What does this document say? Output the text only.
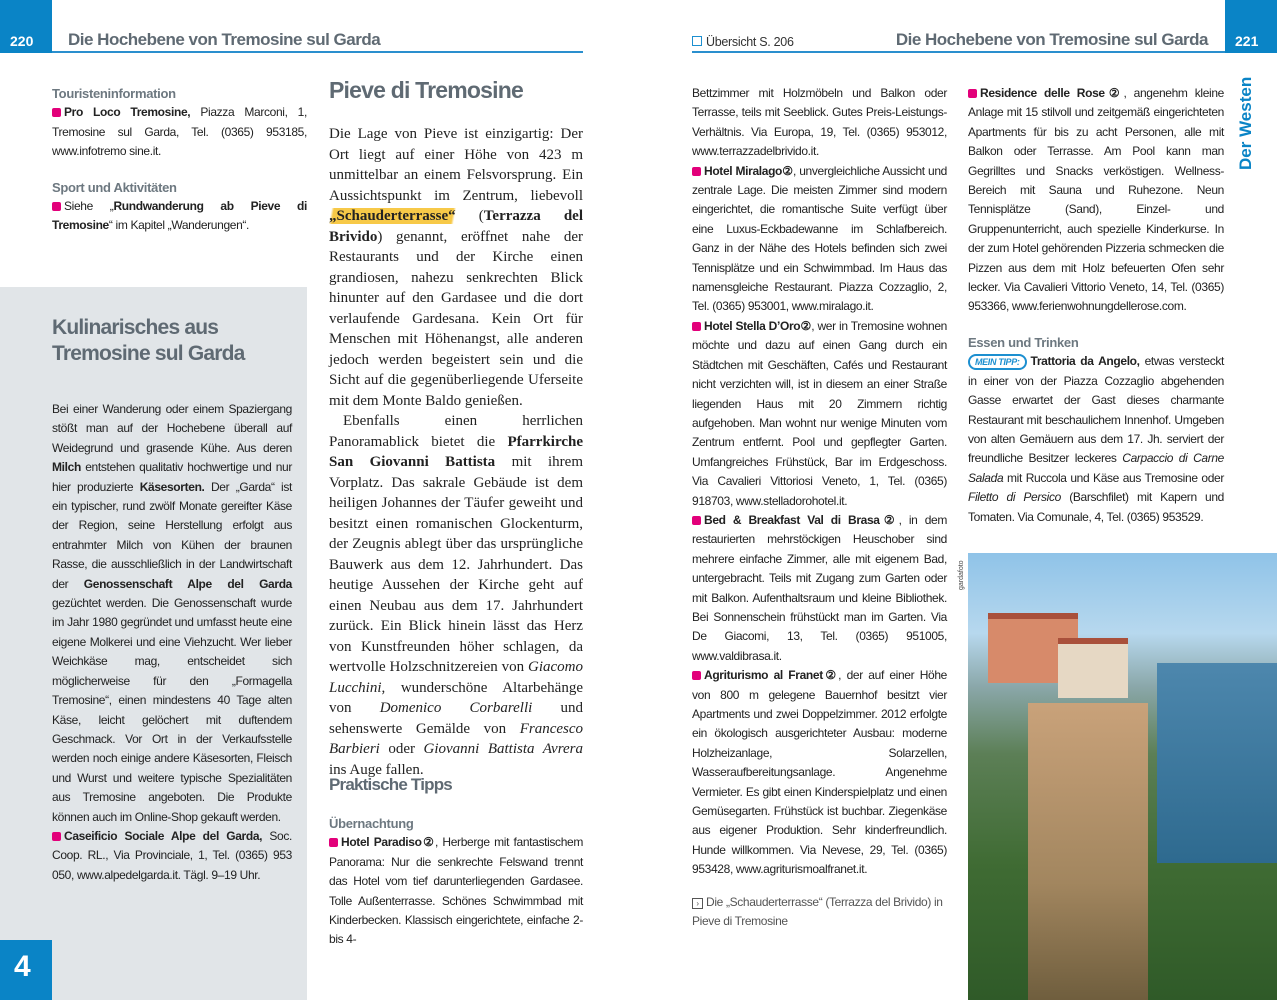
220	Die Hochebene von Tremosine sul Garda
Touristeninformation

Pro Loco Tremosine, Piazza Marconi, 1, Tremosine sul Garda, Tel. (0365) 953185, www.infotremo sine.it.

Sport und Aktivitäten

Siehe „Rundwanderung ab Pieve di Tremosine“ im Kapitel „Wanderungen“.

Kulinarisches aus Tremosine sul Garda

Bei einer Wanderung oder einem Spaziergang stößt man auf der Hochebene überall auf Weidegrund und grasende Kühe. Aus deren Milch entstehen qualitativ hochwertige und nur hier produzierte Käsesorten. Der „Garda“ ist ein typischer, rund zwölf Monate gereifter Käse der Region, seine Herstellung erfolgt aus entrahmter Milch von Kühen der braunen Rasse, die ausschließlich in der Landwirtschaft der Genossenschaft Alpe del Garda gezüchtet werden. Die Genossenschaft wurde im Jahr 1980 gegründet und umfasst heute eine eigene Molkerei und eine Viehzucht. Wer lieber Weichkäse mag, entscheidet sich möglicherweise für den „Formagella Tremosine“, einen mindestens 40 Tage alten Käse, leicht gelöchert mit duftendem Geschmack. Vor Ort in der Verkaufsstelle werden noch einige andere Käsesorten, Fleisch und Wurst und weitere typische Spezialitäten aus Tremosine angeboten. Die Produkte können auch im Online-Shop gekauft werden.

Caseificio Sociale Alpe del Garda, Soc. Coop. RL., Via Provinciale, 1, Tel. (0365) 953 050, www.alpedelgarda.it. Tägl. 9–19 Uhr.

4
Pieve di Tremosine

Die Lage von Pieve ist einzigartig: Der Ort liegt auf einer Höhe von 423 m unmittelbar an einem Felsvorsprung. Ein Aussichtspunkt im Zentrum, liebevoll „Schauderterrasse“ (Terrazza del Brivido) genannt, eröffnet nahe der Restaurants und der Kirche einen grandiosen, nahezu senkrechten Blick hinunter auf den Gardasee und die dort verlaufende Gardesana. Kein Ort für Menschen mit Höhenangst, alle anderen jedoch werden begeistert sein und die Sicht auf die gegenüberliegende Uferseite mit dem Monte Baldo genießen.

Ebenfalls einen herrlichen Panoramablick bietet die Pfarrkirche San Giovanni Battista mit ihrem Vorplatz. Das sakrale Gebäude ist dem heiligen Johannes der Täufer geweiht und besitzt einen romanischen Glockenturm, der Zeugnis ablegt über das ursprüngliche Bauwerk aus dem 12. Jahrhundert. Das heutige Aussehen der Kirche geht auf einen Neubau aus dem 17. Jahrhundert zurück. Ein Blick hinein lässt das Herz von Kunstfreunden höher schlagen, da wertvolle Holzschnitzereien von Giacomo Lucchini, wunderschöne Altarbehänge von Domenico Corbarelli und sehenswerte Gemälde von Francesco Barbieri oder Giovanni Battista Avrera ins Auge fallen.

Praktische Tipps
Übernachtung

Hotel Paradiso②, Herberge mit fantastischem Panorama: Nur die senkrechte Felswand trennt das Hotel vom tief darunterliegenden Gardasee. Tolle Außenterrasse. Schönes Schwimmbad mit Kinderbecken. Klassisch eingerichtete, einfache 2- bis 4-

Übersicht S. 206	Die Hochebene von Tremosine sul Garda	221
Der Westen

Bettzimmer mit Holzmöbeln und Balkon oder Terrasse, teils mit Seeblick. Gutes Preis-Leistungs-Verhältnis. Via Europa, 19, Tel. (0365) 953012, www.terrazzadelbrivido.it.

Hotel Miralago②, unvergleichliche Aussicht und zentrale Lage. Die meisten Zimmer sind modern eingerichtet, die romantische Suite verfügt über eine Luxus-Eckbadewanne im Schlafbereich. Ganz in der Nähe des Hotels befinden sich zwei Tennisplätze und ein Schwimmbad. Im Haus das namensgleiche Restaurant. Piazza Cozzaglio, 2, Tel. (0365) 953001, www.miralago.it.

Hotel Stella D’Oro②, wer in Tremosine wohnen möchte und dazu auf einen Gang durch ein Städtchen mit Geschäften, Cafés und Restaurant nicht verzichten will, ist in diesem an einer Straße liegenden Haus mit 20 Zimmern richtig aufgehoben. Man wohnt nur wenige Minuten vom Zentrum entfernt. Pool und gepflegter Garten. Umfangreiches Frühstück, Bar im Erdgeschoss. Via Cavalieri Vittoriosi Veneto, 1, Tel. (0365) 918703, www.stelladorohotel.it.

Bed & Breakfast Val di Brasa②, in dem restaurierten mehrstöckigen Heuschober sind mehrere einfache Zimmer, alle mit eigenem Bad, untergebracht. Teils mit Zugang zum Garten oder mit Balkon. Aufenthaltsraum und kleine Bibliothek. Bei Sonnenschein frühstückt man im Garten. Via De Giacomi, 13, Tel. (0365) 951005, www.valdibrasa.it.

Agriturismo al Franet②, der auf einer Höhe von 800 m gelegene Bauernhof besitzt vier Apartments und zwei Doppelzimmer. 2012 erfolgte ein ökologisch ausgerichteter Ausbau: moderne Holzheizanlage, Solarzellen, Wasseraufbereitungsanlage. Angenehme Vermieter. Es gibt einen Kinderspielplatz und einen Gemüsegarten. Frühstück ist buchbar. Ziegenkäse aus eigener Produktion. Sehr kinderfreundlich. Hunde willkommen. Via Nevese, 29, Tel. (0365) 953428, www.agriturismoalfranet.it.

› Die „Schauderterrasse“ (Terrazza del Brivido) in Pieve di Tremosine

Residence delle Rose②, angenehm kleine Anlage mit 15 stilvoll und zeitgemäß eingerichteten Apartments für bis zu acht Personen, alle mit Balkon oder Terrasse. Am Pool kann man Gegrilltes und Snacks verköstigen. Wellness-Bereich mit Sauna und Ruhezone. Neun Tennisplätze (Sand), Einzel- und Gruppenunterricht, auch spezielle Kinderkurse. In der zum Hotel gehörenden Pizzeria schmecken die Pizzen aus dem mit Holz befeuerten Ofen sehr lecker. Via Cavalieri Vittorio Veneto, 14, Tel. (0365) 953366, www.ferienwohnungdellerose.com.

Essen und Trinken

MEIN TIPP: Trattoria da Angelo, etwas versteckt in einer von der Piazza Cozzaglio abgehenden Gasse erwartet der Gast dieses charmante Restaurant mit beschaulichem Innenhof. Umgeben von alten Gemäuern aus dem 17. Jh. serviert der freundliche Besitzer leckeres Carpaccio di Carne Salada mit Ruccola und Käse aus Tremosine oder Filetto di Persico (Barschfilet) mit Kapern und Tomaten. Via Comunale, 4, Tel. (0365) 953529.

gardafoto
